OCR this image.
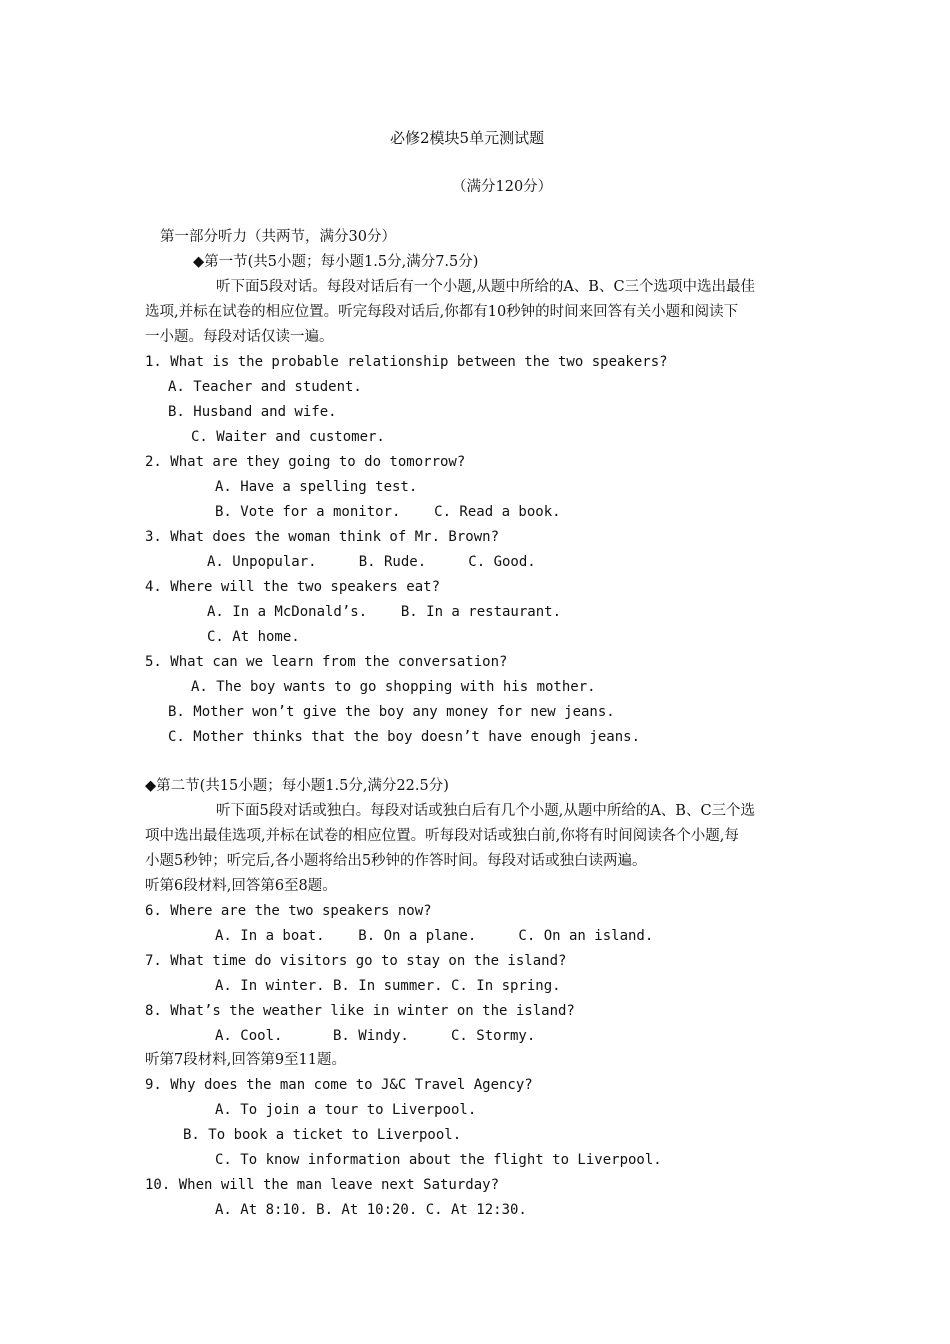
必修2模块5单元测试题
（满分120分）
第一部分听力（共两节，满分30分）
◆第一节(共5小题；每小题1.5分,满分7.5分)
听下面5段对话。每段对话后有一个小题,从题中所给的A、B、C三个选项中选出最佳
选项,并标在试卷的相应位置。听完每段对话后,你都有10秒钟的时间来回答有关小题和阅读下
一小题。每段对话仅读一遍。
1. What is the probable relationship between the two speakers?
A. Teacher and student.
B. Husband and wife.
C. Waiter and customer.
2. What are they going to do tomorrow?
A. Have a spelling test.
B. Vote for a monitor.    C. Read a book.
3. What does the woman think of Mr. Brown?
A. Unpopular.     B. Rude.     C. Good.
4. Where will the two speakers eat?
A. In a McDonald’s.    B. In a restaurant.
C. At home.
5. What can we learn from the conversation?
A. The boy wants to go shopping with his mother.
B. Mother won’t give the boy any money for new jeans.
C. Mother thinks that the boy doesn’t have enough jeans.
◆第二节(共15小题；每小题1.5分,满分22.5分)
听下面5段对话或独白。每段对话或独白后有几个小题,从题中所给的A、B、C三个选
项中选出最佳选项,并标在试卷的相应位置。听每段对话或独白前,你将有时间阅读各个小题,每
小题5秒钟；听完后,各小题将给出5秒钟的作答时间。每段对话或独白读两遍。
听第6段材料,回答第6至8题。
6. Where are the two speakers now?
A. In a boat.    B. On a plane.     C. On an island.
7. What time do visitors go to stay on the island?
A. In winter. B. In summer. C. In spring.
8. What’s the weather like in winter on the island?
A. Cool.      B. Windy.     C. Stormy.
听第7段材料,回答第9至11题。
9. Why does the man come to J&C Travel Agency?
A. To join a tour to Liverpool.
B. To book a ticket to Liverpool.
C. To know information about the flight to Liverpool.
10. When will the man leave next Saturday?
A. At 8:10. B. At 10:20. C. At 12:30.
